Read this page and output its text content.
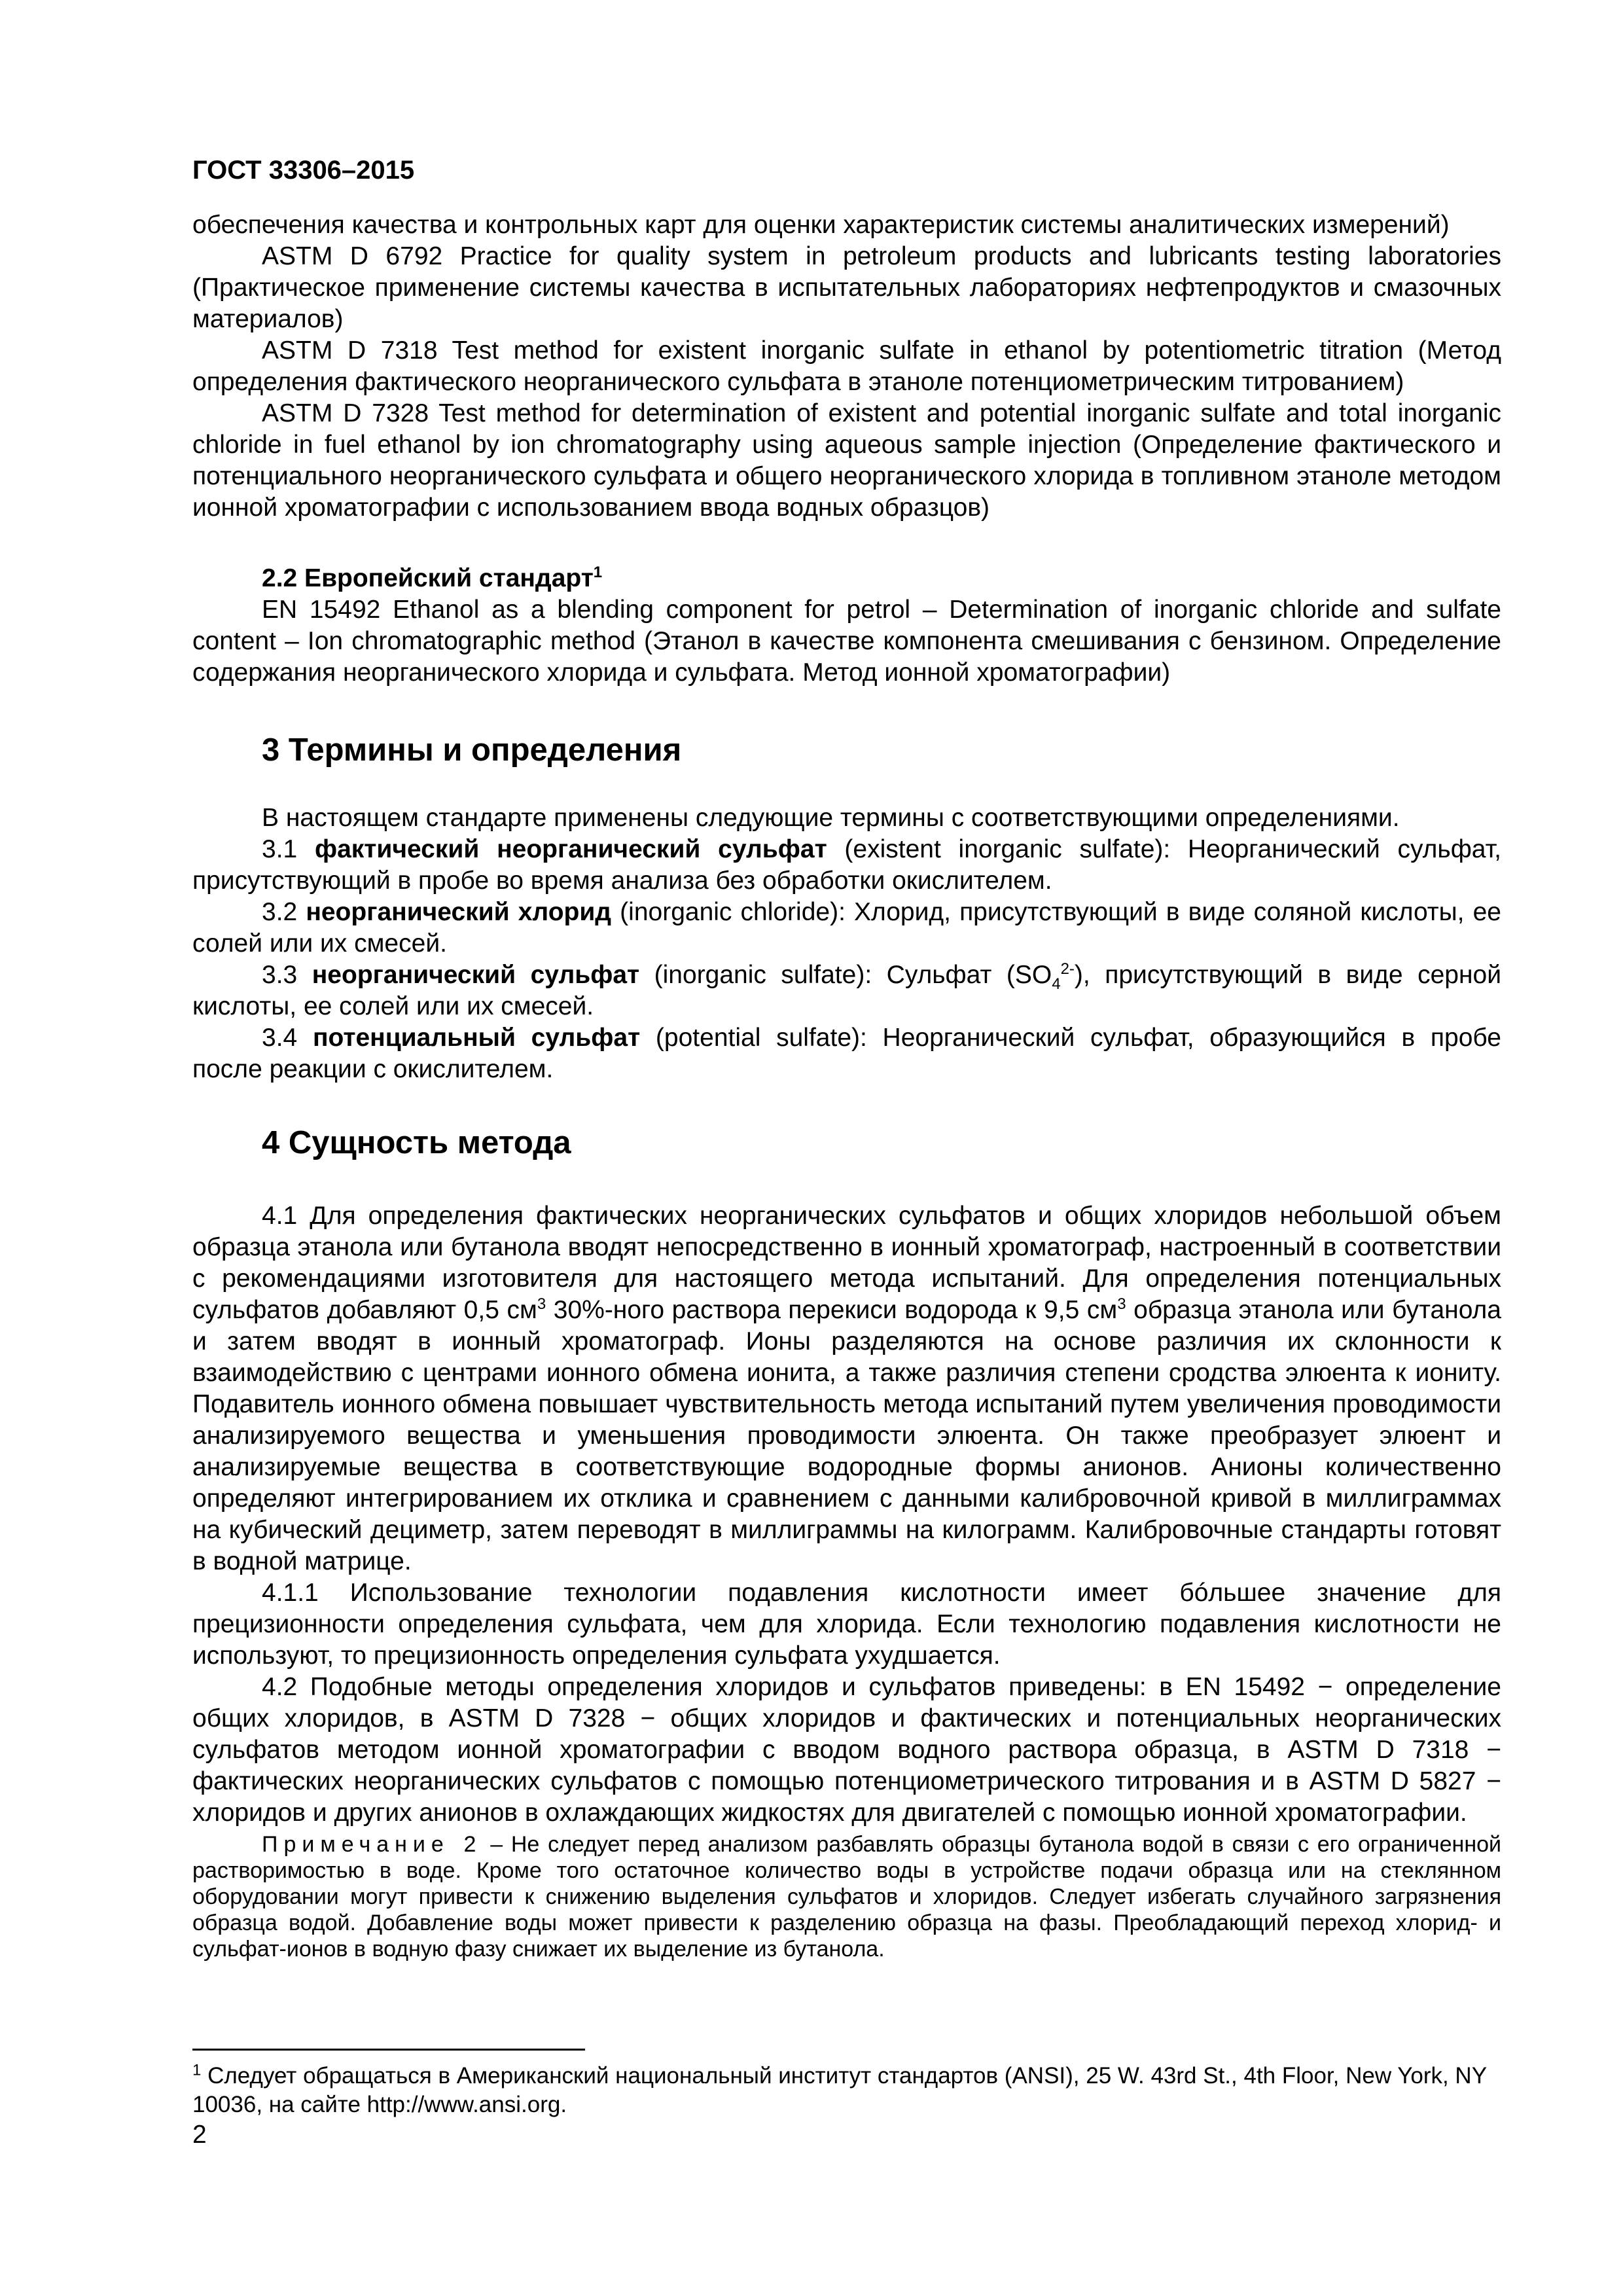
ГОСТ 33306–2015

обеспечения качества и контрольных карт для оценки характеристик системы аналитических измерений)

ASTM D 6792 Practice for quality system in petroleum products and lubricants testing laboratories (Практическое применение системы качества в испытательных лабораториях нефтепродуктов и смазочных материалов)

ASTM D 7318 Test method for existent inorganic sulfate in ethanol by potentiometric titration (Метод определения фактического неорганического сульфата в этаноле потенциометрическим титрованием)

ASTM D 7328 Test method for determination of existent and potential inorganic sulfate and total inorganic chloride in fuel ethanol by ion chromatography using aqueous sample injection (Определение фактического и потенциального неорганического сульфата и общего неорганического хлорида в топливном этаноле методом ионной хроматографии с использованием ввода водных образцов)

2.2 Европейский стандарт$^1$

EN 15492 Ethanol as a blending component for petrol – Determination of inorganic chloride and sulfate content – Ion chromatographic method (Этанол в качестве компонента смешивания с бензином. Определение содержания неорганического хлорида и сульфата. Метод ионной хроматографии)

3 Термины и определения

В настоящем стандарте применены следующие термины с соответствующими определениями.

3.1 фактический неорганический сульфат (existent inorganic sulfate): Неорганический сульфат, присутствующий в пробе во время анализа без обработки окислителем.

3.2 неорганический хлорид (inorganic chloride): Хлорид, присутствующий в виде соляной кислоты, ее солей или их смесей.

3.3 неорганический сульфат (inorganic sulfate): Сульфат $(SO_4^{2-})$, присутствующий в виде серной кислоты, ее солей или их смесей.

3.4 потенциальный сульфат (potential sulfate): Неорганический сульфат, образующийся в пробе после реакции с окислителем.

4 Сущность метода

4.1 Для определения фактических неорганических сульфатов и общих хлоридов небольшой объем образца этанола или бутанола вводят непосредственно в ионный хроматограф, настроенный в соответствии с рекомендациями изготовителя для настоящего метода испытаний. Для определения потенциальных сульфатов добавляют 0,5 $см^3$ 30%-ного раствора перекиси водорода к 9,5 $см^3$ образца этанола или бутанола и затем вводят в ионный хроматограф. Ионы разделяются на основе различия их склонности к взаимодействию с центрами ионного обмена ионита, а также различия степени сродства элюента к иониту. Подавитель ионного обмена повышает чувствительность метода испытаний путем увеличения проводимости анализируемого вещества и уменьшения проводимости элюента. Он также преобразует элюент и анализируемые вещества в соответствующие водородные формы анионов. Анионы количественно определяют интегрированием их отклика и сравнением с данными калибровочной кривой в миллиграммах на кубический дециметр, затем переводят в миллиграммы на килограмм. Калибровочные стандарты готовят в водной матрице.

4.1.1 Использование технологии подавления кислотности имеет бóльшее значение для прецизионности определения сульфата, чем для хлорида. Если технологию подавления кислотности не используют, то прецизионность определения сульфата ухудшается.

4.2 Подобные методы определения хлоридов и сульфатов приведены: в EN 15492 − определение общих хлоридов, в ASTM D 7328 − общих хлоридов и фактических и потенциальных неорганических сульфатов методом ионной хроматографии с вводом водного раствора образца, в ASTM D 7318 − фактических неорганических сульфатов с помощью потенциометрического титрования и в ASTM D 5827 − хлоридов и других анионов в охлаждающих жидкостях для двигателей с помощью ионной хроматографии.

Примечание 2 – Не следует перед анализом разбавлять образцы бутанола водой в связи с его ограниченной растворимостью в воде. Кроме того остаточное количество воды в устройстве подачи образца или на стеклянном оборудовании могут привести к снижению выделения сульфатов и хлоридов. Следует избегать случайного загрязнения образца водой. Добавление воды может привести к разделению образца на фазы. Преобладающий переход хлорид- и сульфат-ионов в водную фазу снижает их выделение из бутанола.

$^1$ Следует обращаться в Американский национальный институт стандартов (ANSI), 25 W. 43rd St., 4th Floor, New York, NY 10036, на сайте http://www.ansi.org.
2
